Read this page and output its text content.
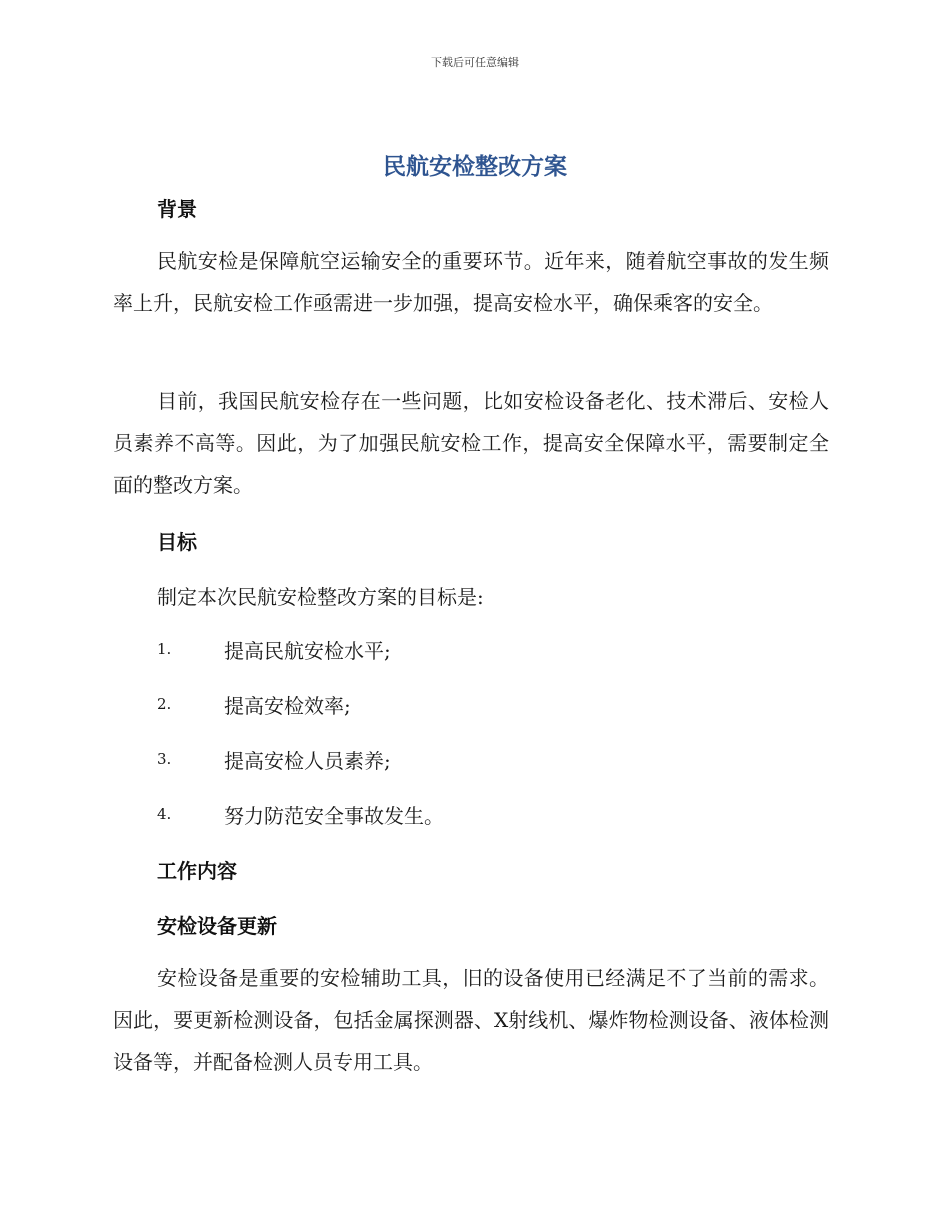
下载后可任意编辑
民航安检整改方案
背景

民航安检是保障航空运输安全的重要环节。近年来，随着航空事故的发生频率上升，民航安检工作亟需进一步加强，提高安检水平，确保乘客的安全。

目前，我国民航安检存在一些问题，比如安检设备老化、技术滞后、安检人员素养不高等。因此，为了加强民航安检工作，提高安全保障水平，需要制定全面的整改方案。

目标

制定本次民航安检整改方案的目标是:

1.	提高民航安检水平;
2.	提高安检效率;
3.	提高安检人员素养;
4.	努力防范安全事故发生。
工作内容
安检设备更新

安检设备是重要的安检辅助工具，旧的设备使用已经满足不了当前的需求。因此，要更新检测设备，包括金属探测器、X射线机、爆炸物检测设备、液体检测设备等，并配备检测人员专用工具。
